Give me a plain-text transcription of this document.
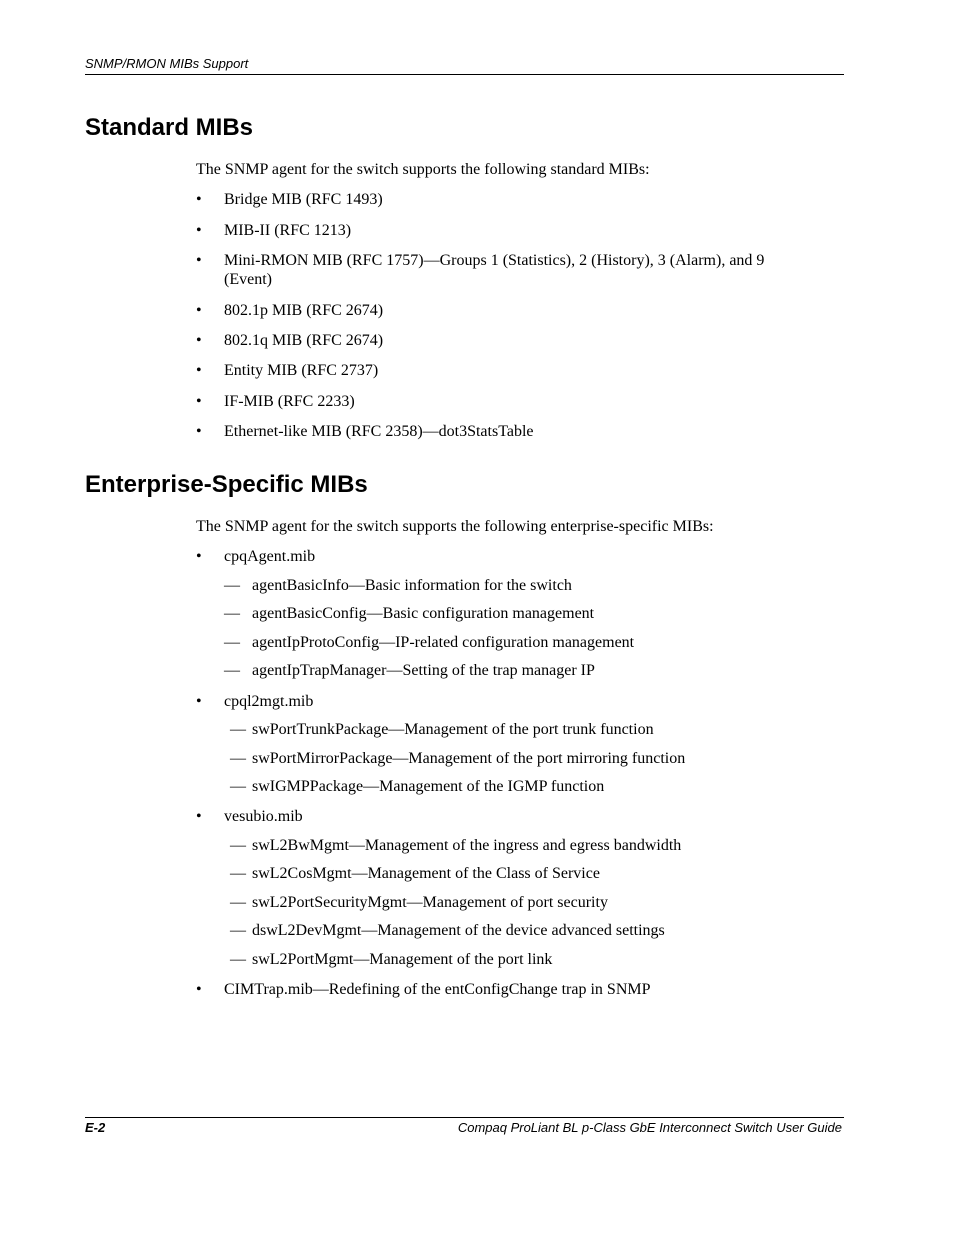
SNMP/RMON MIBs Support
Standard MIBs
The SNMP agent for the switch supports the following standard MIBs:
•	Bridge MIB (RFC 1493)
•	MIB-II (RFC 1213)
•	Mini-RMON MIB (RFC 1757)—Groups 1 (Statistics), 2 (History), 3 (Alarm), and 9 (Event)
•	802.1p MIB (RFC 2674)
•	802.1q MIB (RFC 2674)
•	Entity MIB (RFC 2737)
•	IF-MIB (RFC 2233)
•	Ethernet-like MIB (RFC 2358)—dot3StatsTable
Enterprise-Specific MIBs
The SNMP agent for the switch supports the following enterprise-specific MIBs:
•	cpqAgent.mib
— agentBasicInfo—Basic information for the switch
— agentBasicConfig—Basic configuration management
— agentIpProtoConfig—IP-related configuration management
— agentIpTrapManager—Setting of the trap manager IP
•	cpql2mgt.mib
— swPortTrunkPackage—Management of the port trunk function
— swPortMirrorPackage—Management of the port mirroring function
— swIGMPPackage—Management of the IGMP function
•	vesubio.mib
— swL2BwMgmt—Management of the ingress and egress bandwidth
— swL2CosMgmt—Management of the Class of Service
— swL2PortSecurityMgmt—Management of port security
— dswL2DevMgmt—Management of the device advanced settings
— swL2PortMgmt—Management of the port link
•	CIMTrap.mib—Redefining of the entConfigChange trap in SNMP
E-2	Compaq ProLiant BL p-Class GbE Interconnect Switch User Guide
